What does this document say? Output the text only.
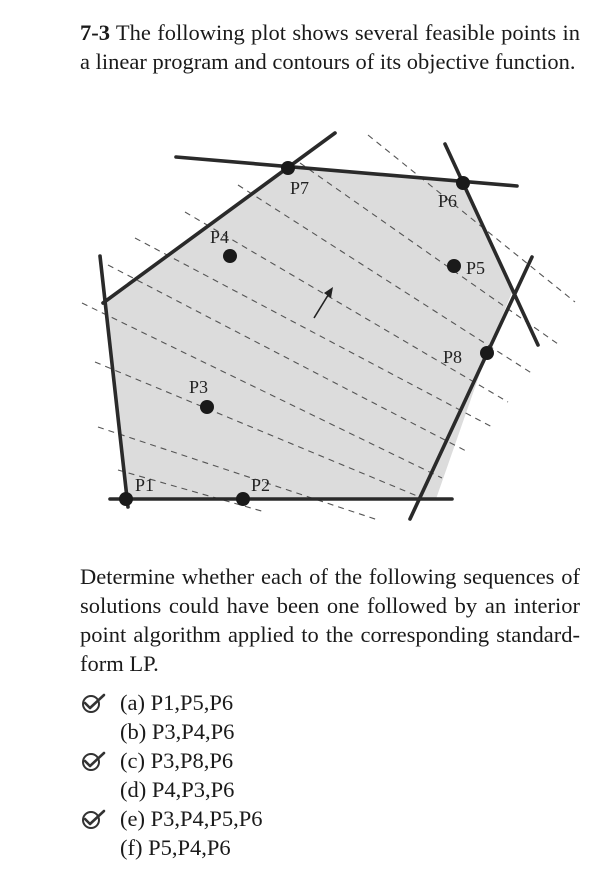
7-3 The following plot shows several feasible points in a linear program and contours of its objective function.

P1	P2
P3
P4
P5
P6
P7
P8

Determine whether each of the following sequences of solutions could have been one followed by an interior point algorithm applied to the corresponding standard-form LP.

(a) P1,P5,P6
(b) P3,P4,P6
(c) P3,P8,P6
(d) P4,P3,P6
(e) P3,P4,P5,P6
(f) P5,P4,P6
